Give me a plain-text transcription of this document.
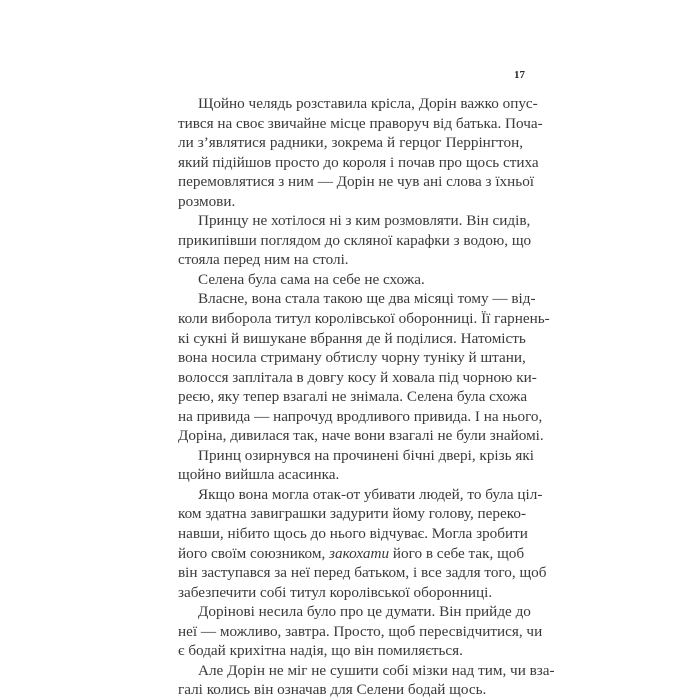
17

Щойно челядь розставила крісла, Дорін важко опус-
тився на своє звичайне місце праворуч від батька. Поча-
ли з’являтися радники, зокрема й герцог Перрінгтон,
який підійшов просто до короля і почав про щось стиха
перемовлятися з ним — Дорін не чув ані слова з їхньої
розмови.

Принцу не хотілося ні з ким розмовляти. Він сидів,
прикипівши поглядом до скляної карафки з водою, що
стояла перед ним на столі.

Селена була сама на себе не схожа.

Власне, вона стала такою ще два місяці тому — від-
коли виборола титул королівської оборонниці. Її гарнень-
кі сукні й вишукане вбрання де й поділися. Натомість
вона носила стриману обтислу чорну туніку й штани,
волосся заплітала в довгу косу й ховала під чорною ки-
реєю, яку тепер взагалі не знімала. Селена була схожа
на привида — напрочуд вродливого привида. І на нього,
Доріна, дивилася так, наче вони взагалі не були знайомі.

Принц озирнувся на прочинені бічні двері, крізь які
щойно вийшла асасинка.

Якщо вона могла отак-от убивати людей, то була ціл-
ком здатна завиграшки задурити йому голову, переко-
навши, нібито щось до нього відчуває. Могла зробити
його своїм союзником, закохати його в себе так, щоб
він заступався за неї перед батьком, і все задля того, щоб
забезпечити собі титул королівської оборонниці.

Дорінові несила було про це думати. Він прийде до
неї — можливо, завтра. Просто, щоб пересвідчитися, чи
є бодай крихітна надія, що він помиляється.

Але Дорін не міг не сушити собі мізки над тим, чи вза-
галі колись він означав для Селени бодай щось.
